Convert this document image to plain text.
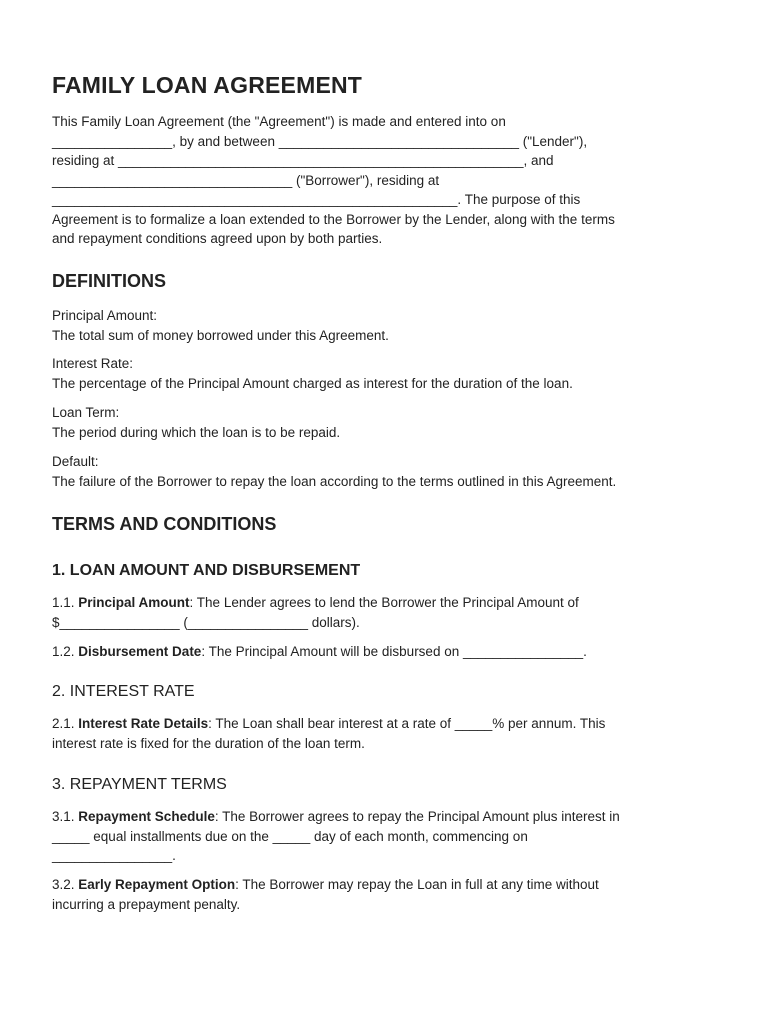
FAMILY LOAN AGREEMENT
This Family Loan Agreement (the "Agreement") is made and entered into on
________________, by and between ________________________________ ("Lender"),
residing at ______________________________________________________, and
________________________________ ("Borrower"), residing at
______________________________________________________. The purpose of this
Agreement is to formalize a loan extended to the Borrower by the Lender, along with the terms
and repayment conditions agreed upon by both parties.
DEFINITIONS
Principal Amount:
The total sum of money borrowed under this Agreement.
Interest Rate:
The percentage of the Principal Amount charged as interest for the duration of the loan.
Loan Term:
The period during which the loan is to be repaid.
Default:
The failure of the Borrower to repay the loan according to the terms outlined in this Agreement.
TERMS AND CONDITIONS
1. LOAN AMOUNT AND DISBURSEMENT
1.1. Principal Amount: The Lender agrees to lend the Borrower the Principal Amount of
$________________ (________________ dollars).
1.2. Disbursement Date: The Principal Amount will be disbursed on ________________.
2. INTEREST RATE
2.1. Interest Rate Details: The Loan shall bear interest at a rate of _____% per annum. This
interest rate is fixed for the duration of the loan term.
3. REPAYMENT TERMS
3.1. Repayment Schedule: The Borrower agrees to repay the Principal Amount plus interest in
_____ equal installments due on the _____ day of each month, commencing on
________________.
3.2. Early Repayment Option: The Borrower may repay the Loan in full at any time without
incurring a prepayment penalty.
